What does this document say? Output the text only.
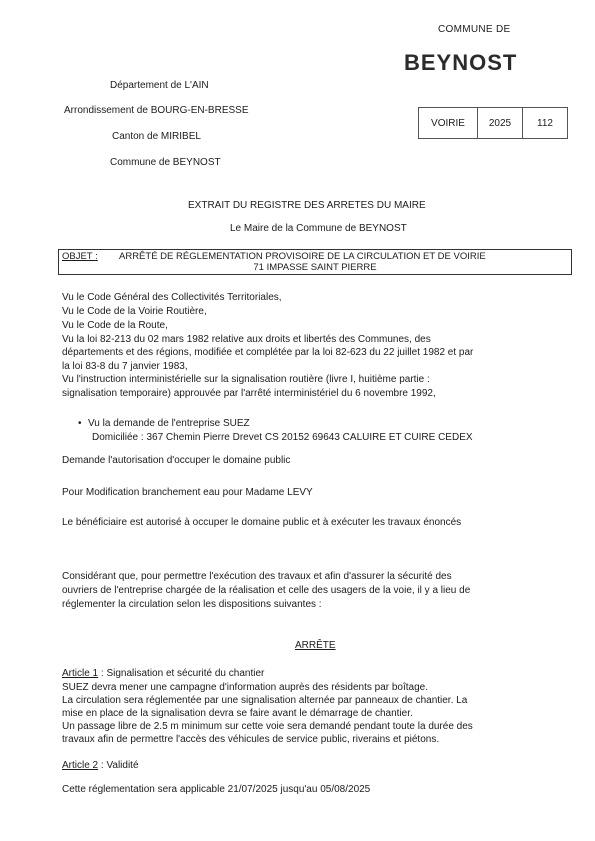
COMMUNE DE
BEYNOST
Département de L'AIN
Arrondissement de BOURG-EN-BRESSE
Canton de MIRIBEL
Commune de BEYNOST
VOIRIE	2025	112
EXTRAIT DU REGISTRE DES ARRETES DU MAIRE
Le Maire de la Commune de BEYNOST
OBJET : ARRÊTÉ DE RÉGLEMENTATION PROVISOIRE DE LA CIRCULATION ET DE VOIRIE
71 IMPASSE SAINT PIERRE
Vu le Code Général des Collectivités Territoriales,
Vu le Code de la Voirie Routière,
Vu le Code de la Route,
Vu la loi 82-213 du 02 mars 1982 relative aux droits et libertés des Communes, des
départements et des régions, modifiée et complétée par la loi 82-623 du 22 juillet 1982 et par
la loi 83-8 du 7 janvier 1983,
Vu l'instruction interministérielle sur la signalisation routière (livre I, huitième partie :
signalisation temporaire) approuvée par l'arrêté interministériel du 6 novembre 1992,
• Vu la demande de l'entreprise SUEZ
Domiciliée : 367 Chemin Pierre Drevet CS 20152 69643 CALUIRE ET CUIRE CEDEX
Demande l'autorisation d'occuper le domaine public
Pour Modification branchement eau pour Madame LEVY
Le bénéficiaire est autorisé à occuper le domaine public et à exécuter les travaux énoncés
Considérant que, pour permettre l'exécution des travaux et afin d'assurer la sécurité des
ouvriers de l'entreprise chargée de la réalisation et celle des usagers de la voie, il y a lieu de
réglementer la circulation selon les dispositions suivantes :
ARRÊTE
Article 1 : Signalisation et sécurité du chantier
SUEZ devra mener une campagne d'information auprès des résidents par boîtage.
La circulation sera réglementée par une signalisation alternée par panneaux de chantier. La
mise en place de la signalisation devra se faire avant le démarrage de chantier.
Un passage libre de 2.5 m minimum sur cette voie sera demandé pendant toute la durée des
travaux afin de permettre l'accès des véhicules de service public, riverains et piétons.
Article 2 : Validité
Cette réglementation sera applicable 21/07/2025 jusqu'au 05/08/2025
